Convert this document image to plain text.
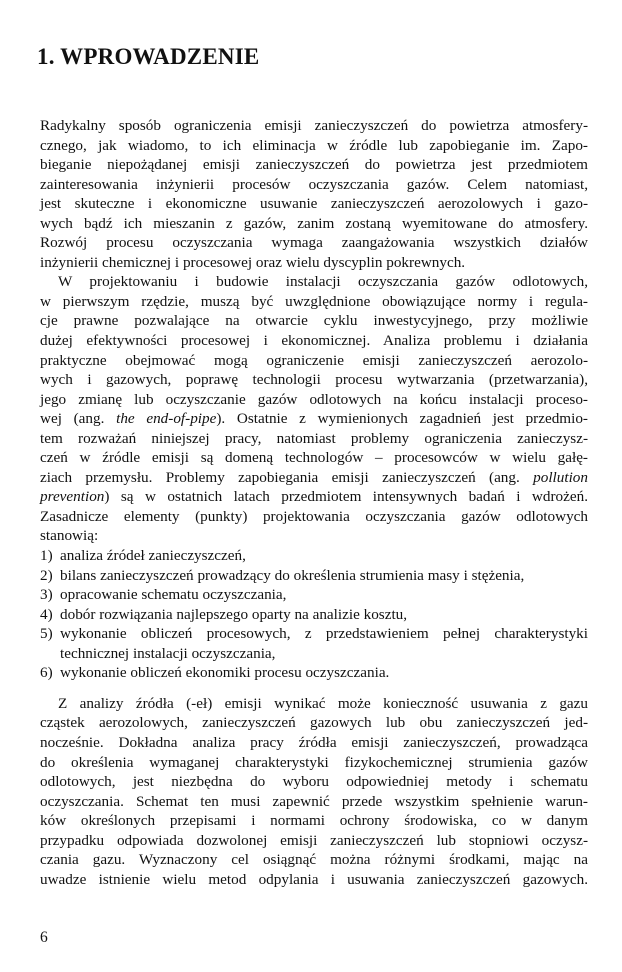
1. WPROWADZENIE
Radykalny sposób ograniczenia emisji zanieczyszczeń do powietrza atmosfery-
cznego, jak wiadomo, to ich eliminacja w źródle lub zapobieganie im. Zapo-
bieganie niepożądanej emisji zanieczyszczeń do powietrza jest przedmiotem
zainteresowania inżynierii procesów oczyszczania gazów. Celem natomiast,
jest skuteczne i ekonomiczne usuwanie zanieczyszczeń aerozolowych i gazo-
wych bądź ich mieszanin z gazów, zanim zostaną wyemitowane do atmosfery.
Rozwój procesu oczyszczania wymaga zaangażowania wszystkich działów
inżynierii chemicznej i procesowej oraz wielu dyscyplin pokrewnych.
W projektowaniu i budowie instalacji oczyszczania gazów odlotowych,
w pierwszym rzędzie, muszą być uwzględnione obowiązujące normy i regula-
cje prawne pozwalające na otwarcie cyklu inwestycyjnego, przy możliwie
dużej efektywności procesowej i ekonomicznej. Analiza problemu i działania
praktyczne obejmować mogą ograniczenie emisji zanieczyszczeń aerozolo-
wych i gazowych, poprawę technologii procesu wytwarzania (przetwarzania),
jego zmianę lub oczyszczanie gazów odlotowych na końcu instalacji proceso-
wej (ang. the end-of-pipe). Ostatnie z wymienionych zagadnień jest przedmio-
tem rozważań niniejszej pracy, natomiast problemy ograniczenia zanieczysz-
czeń w źródle emisji są domeną technologów – procesowców w wielu gałę-
ziach przemysłu. Problemy zapobiegania emisji zanieczyszczeń (ang. pollution
prevention) są w ostatnich latach przedmiotem intensywnych badań i wdrożeń.
Zasadnicze elementy (punkty) projektowania oczyszczania gazów odlotowych
stanowią:
1) analiza źródeł zanieczyszczeń,
2) bilans zanieczyszczeń prowadzący do określenia strumienia masy i stężenia,
3) opracowanie schematu oczyszczania,
4) dobór rozwiązania najlepszego oparty na analizie kosztu,
5) wykonanie obliczeń procesowych, z przedstawieniem pełnej charakterystyki
technicznej instalacji oczyszczania,
6) wykonanie obliczeń ekonomiki procesu oczyszczania.
Z analizy źródła (-eł) emisji wynikać może konieczność usuwania z gazu
cząstek aerozolowych, zanieczyszczeń gazowych lub obu zanieczyszczeń jed-
nocześnie. Dokładna analiza pracy źródła emisji zanieczyszczeń, prowadząca
do określenia wymaganej charakterystyki fizykochemicznej strumienia gazów
odlotowych, jest niezbędna do wyboru odpowiedniej metody i schematu
oczyszczania. Schemat ten musi zapewnić przede wszystkim spełnienie warun-
ków określonych przepisami i normami ochrony środowiska, co w danym
przypadku odpowiada dozwolonej emisji zanieczyszczeń lub stopniowi oczysz-
czania gazu. Wyznaczony cel osiągnąć można różnymi środkami, mając na
uwadze istnienie wielu metod odpylania i usuwania zanieczyszczeń gazowych.
6
